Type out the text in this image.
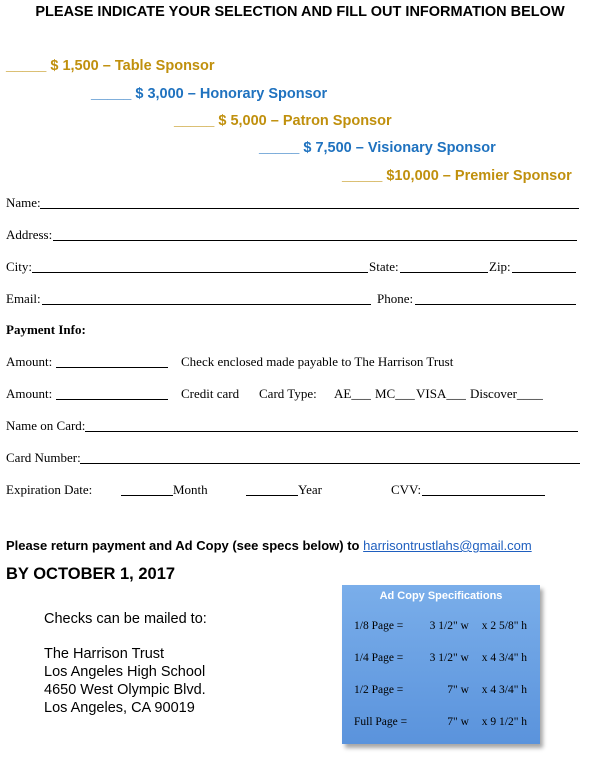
PLEASE INDICATE YOUR SELECTION AND FILL OUT INFORMATION BELOW
_____ $ 1,500 – Table Sponsor
_____ $ 3,000 – Honorary Sponsor
_____ $ 5,000 – Patron Sponsor
_____ $ 7,500 – Visionary Sponsor
_____ $10,000 – Premier Sponsor
Name:
Address:
City:	State:	Zip:
Email:	Phone:
Payment Info:
Amount:	Check enclosed made payable to The Harrison Trust
Amount:	Credit card Card Type: AE___ MC___ VISA___ Discover____
Name on Card:
Card Number:
Expiration Date:	Month	Year	CVV:
Please return payment and Ad Copy (see specs below) to harrisontrustlahs@gmail.com
BY OCTOBER 1, 2017
Checks can be mailed to:
The Harrison Trust
Los Angeles High School
4650 West Olympic Blvd.
Los Angeles, CA 90019
Ad Copy Specifications
1/8 Page = 3 1/2" w x 2 5/8" h
1/4 Page = 3 1/2" w x 4 3/4" h
1/2 Page =	7" w x 4 3/4" h
Full Page =	7" w x 9 1/2" h
